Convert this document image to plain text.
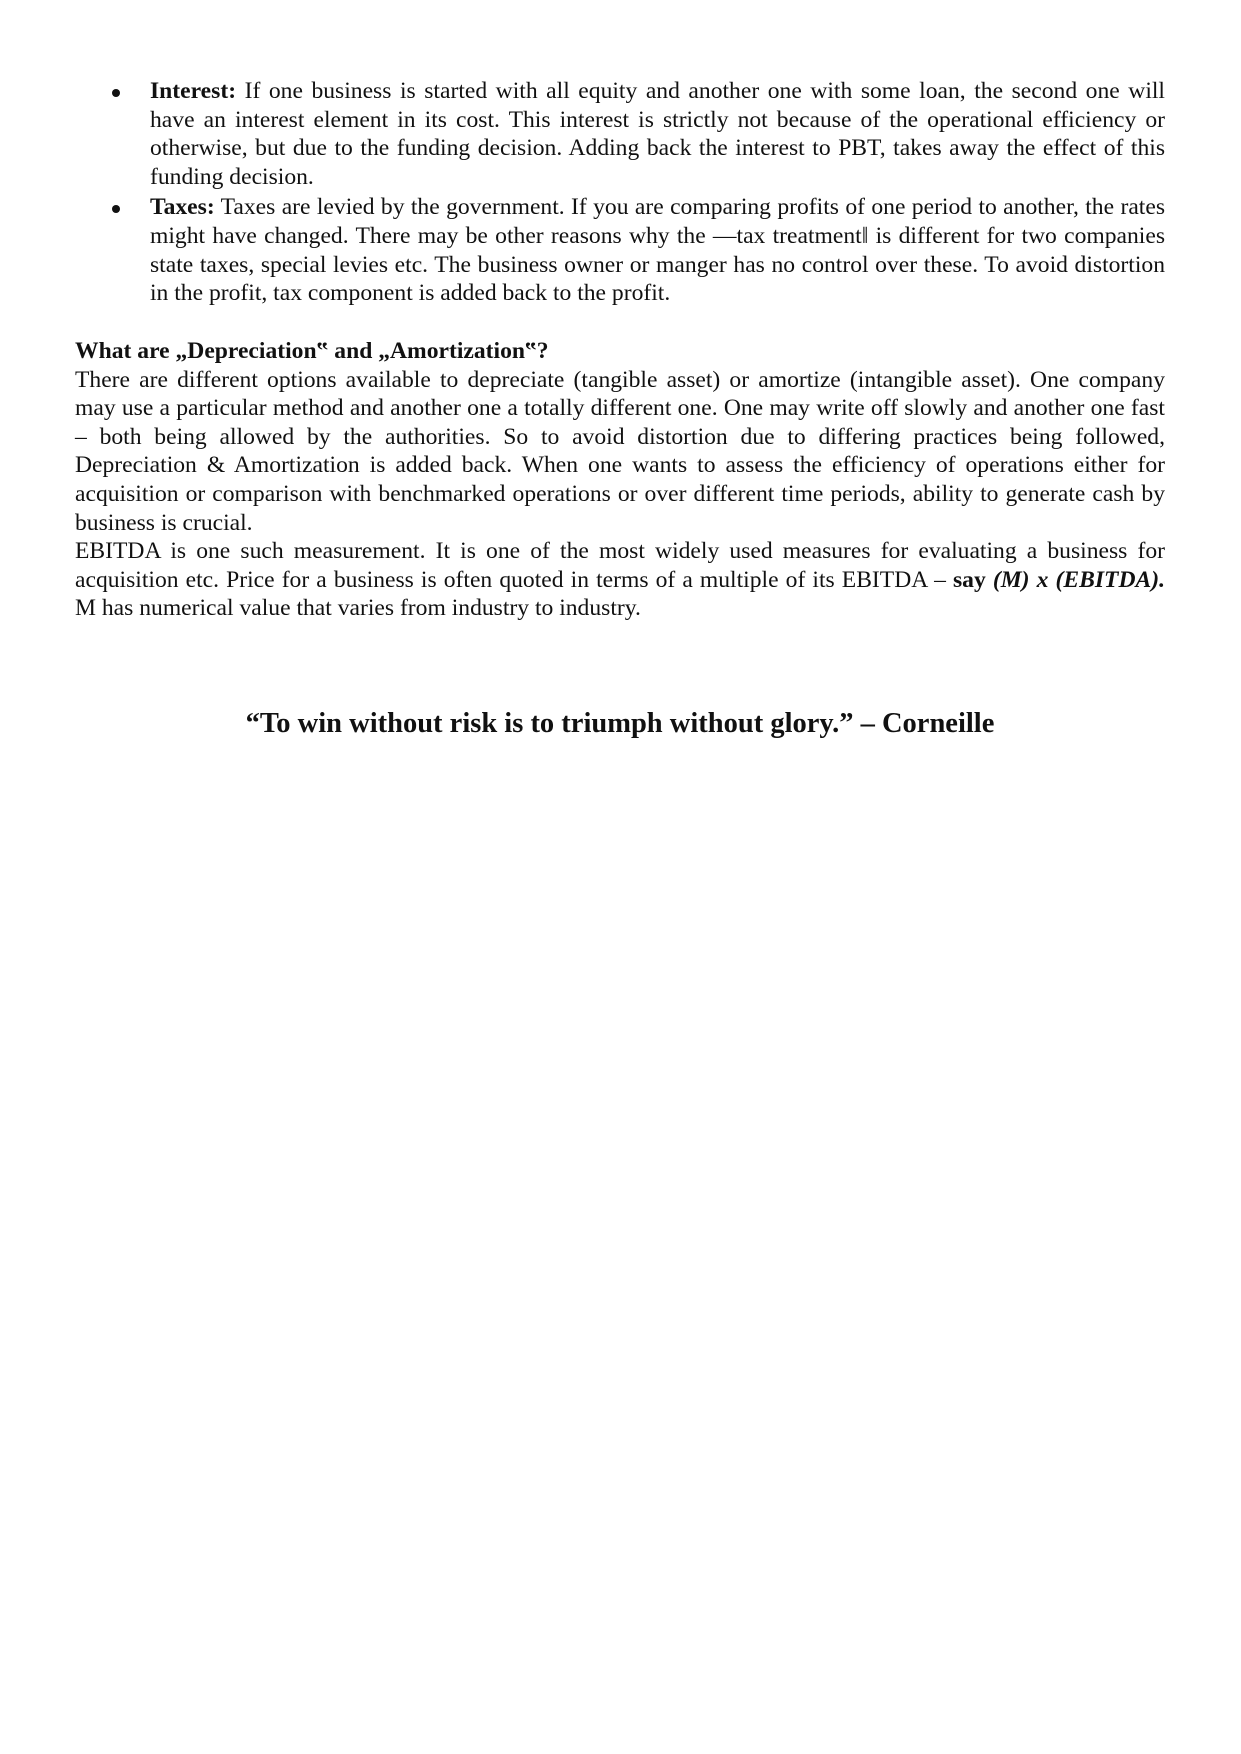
Interest: If one business is started with all equity and another one with some loan, the second one will have an interest element in its cost. This interest is strictly not because of the operational efficiency or otherwise, but due to the funding decision. Adding back the interest to PBT, takes away the effect of this funding decision.
Taxes: Taxes are levied by the government. If you are comparing profits of one period to another, the rates might have changed. There may be other reasons why the ―tax treatment‖ is different for two companies state taxes, special levies etc. The business owner or manger has no control over these. To avoid distortion in the profit, tax component is added back to the profit.

What are „Depreciation‟ and „Amortization‟?

There are different options available to depreciate (tangible asset) or amortize (intangible asset). One company may use a particular method and another one a totally different one. One may write off slowly and another one fast – both being allowed by the authorities. So to avoid distortion due to differing practices being followed, Depreciation & Amortization is added back. When one wants to assess the efficiency of operations either for acquisition or comparison with benchmarked operations or over different time periods, ability to generate cash by business is crucial.

EBITDA is one such measurement. It is one of the most widely used measures for evaluating a business for acquisition etc. Price for a business is often quoted in terms of a multiple of its EBITDA – say (M) x (EBITDA). M has numerical value that varies from industry to industry.

“To win without risk is to triumph without glory.” – Corneille
